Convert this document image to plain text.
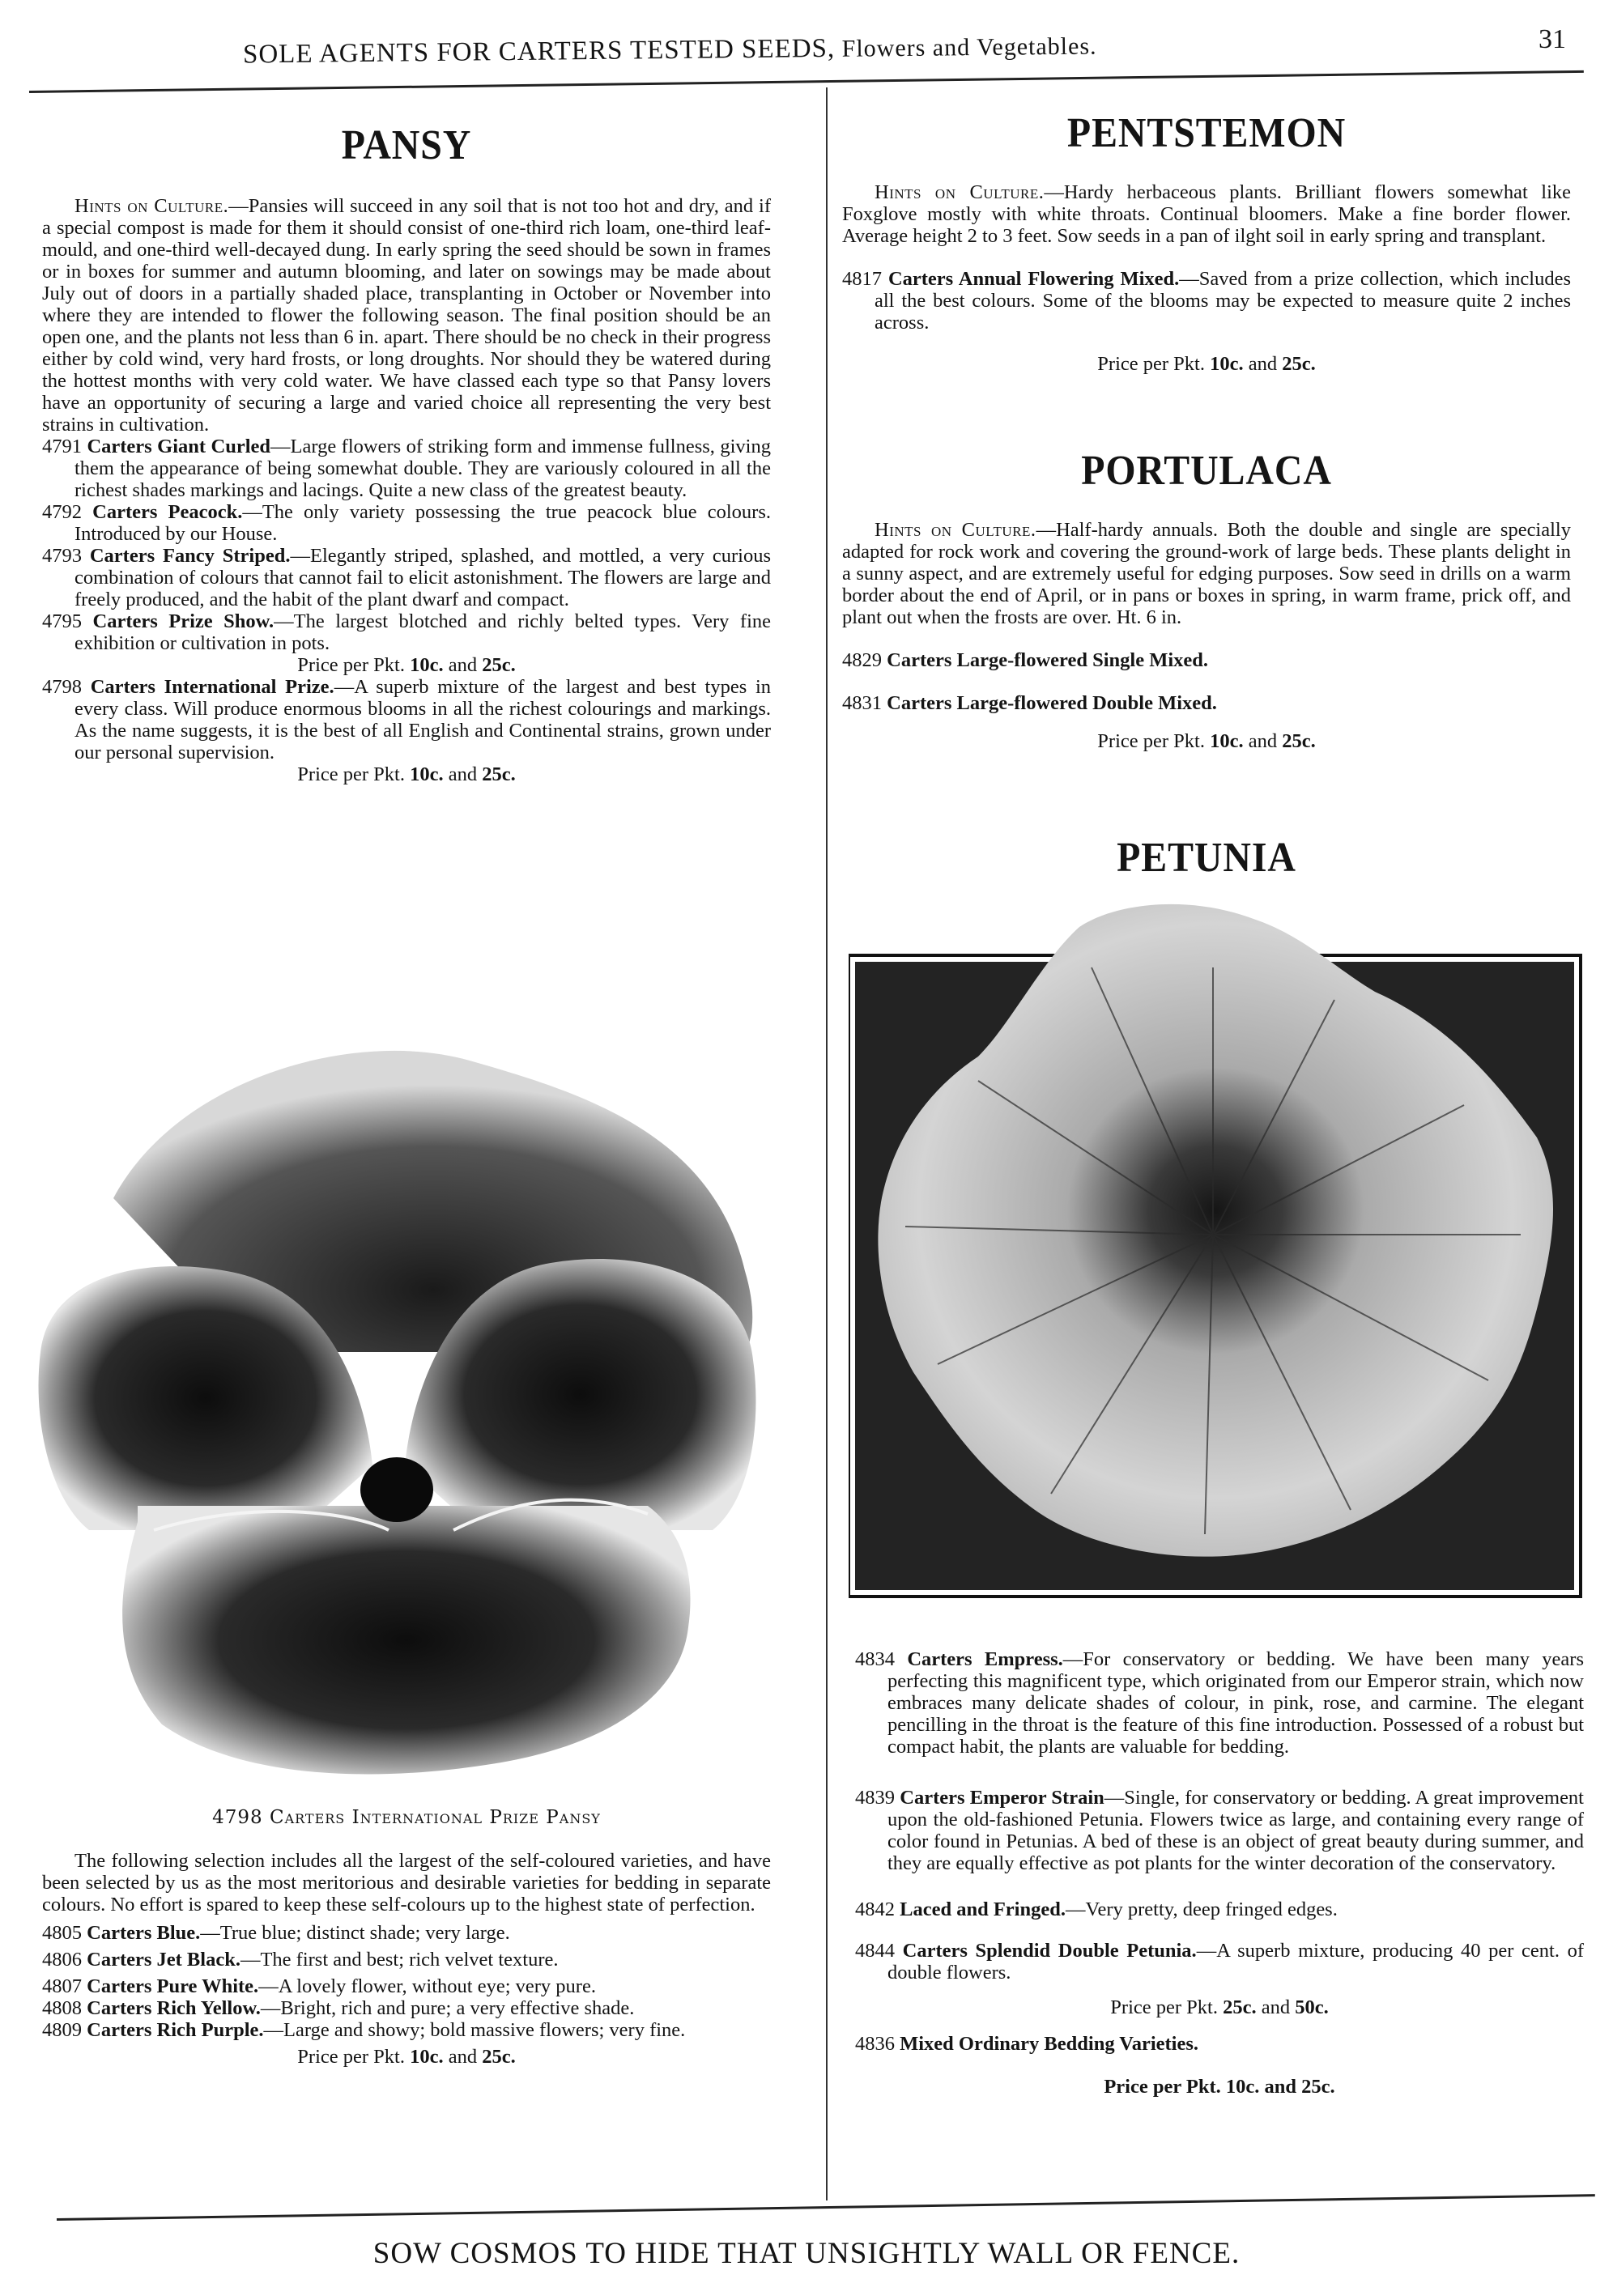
SOLE AGENTS FOR CARTERS TESTED SEEDS, Flowers and Vegetables.	31
PANSY

Hints on Culture.—Pansies will succeed in any soil that is not too hot and dry, and if a special compost is made for them it should consist of one-third rich loam, one-third leaf-mould, and one-third well-decayed dung. In early spring the seed should be sown in frames or in boxes for summer and autumn blooming, and later on sowings may be made about July out of doors in a partially shaded place, transplanting in October or November into where they are intended to flower the following season. The final position should be an open one, and the plants not less than 6 in. apart. There should be no check in their progress either by cold wind, very hard frosts, or long droughts. Nor should they be watered during the hottest months with very cold water. We have classed each type so that Pansy lovers have an opportunity of securing a large and varied choice all representing the very best strains in cultivation.

4791 Carters Giant Curled—Large flowers of striking form and immense fullness, giving them the appearance of being somewhat double. They are variously coloured in all the richest shades markings and lacings. Quite a new class of the greatest beauty.

4792 Carters Peacock.—The only variety possessing the true peacock blue colours. Introduced by our House.

4793 Carters Fancy Striped.—Elegantly striped, splashed, and mottled, a very curious combination of colours that cannot fail to elicit astonishment. The flowers are large and freely produced, and the habit of the plant dwarf and compact.

4795 Carters Prize Show.—The largest blotched and richly belted types. Very fine exhibition or cultivation in pots.

Price per Pkt. 10c. and 25c.

4798 Carters International Prize.—A superb mixture of the largest and best types in every class. Will produce enormous blooms in all the richest colourings and markings. As the name suggests, it is the best of all English and Continental strains, grown under our personal supervision.

Price per Pkt. 10c. and 25c.

4798 Carters International Prize Pansy

The following selection includes all the largest of the self-coloured varieties, and have been selected by us as the most meritorious and desirable varieties for bedding in separate colours. No effort is spared to keep these self-colours up to the highest state of perfection.

4805 Carters Blue.—True blue; distinct shade; very large.

4806 Carters Jet Black.—The first and best; rich velvet texture.

4807 Carters Pure White.—A lovely flower, without eye; very pure.

4808 Carters Rich Yellow.—Bright, rich and pure; a very effective shade.

4809 Carters Rich Purple.—Large and showy; bold massive flowers; very fine.

Price per Pkt. 10c. and 25c.

PENTSTEMON

Hints on Culture.—Hardy herbaceous plants. Brilliant flowers somewhat like Foxglove mostly with white throats. Continual bloomers. Make a fine border flower. Average height 2 to 3 feet. Sow seeds in a pan of ilght soil in early spring and transplant.

4817 Carters Annual Flowering Mixed.—Saved from a prize collection, which includes all the best colours. Some of the blooms may be expected to measure quite 2 inches across.

Price per Pkt. 10c. and 25c.

PORTULACA

Hints on Culture.—Half-hardy annuals. Both the double and single are specially adapted for rock work and covering the ground-work of large beds. These plants delight in a sunny aspect, and are extremely useful for edging purposes. Sow seed in drills on a warm border about the end of April, or in pans or boxes in spring, in warm frame, prick off, and plant out when the frosts are over. Ht. 6 in.

4829 Carters Large-flowered Single Mixed.

4831 Carters Large-flowered Double Mixed.

Price per Pkt. 10c. and 25c.

PETUNIA

4834 Carters Empress.—For conservatory or bedding. We have been many years perfecting this magnificent type, which originated from our Emperor strain, which now embraces many delicate shades of colour, in pink, rose, and carmine. The elegant pencilling in the throat is the feature of this fine introduction. Possessed of a robust but compact habit, the plants are valuable for bedding.

4839 Carters Emperor Strain—Single, for conservatory or bedding. A great improvement upon the old-fashioned Petunia. Flowers twice as large, and containing every range of color found in Petunias. A bed of these is an object of great beauty during summer, and they are equally effective as pot plants for the winter decoration of the conservatory.

4842 Laced and Fringed.—Very pretty, deep fringed edges.

4844 Carters Splendid Double Petunia.—A superb mixture, producing 40 per cent. of double flowers.

Price per Pkt. 25c. and 50c.

4836 Mixed Ordinary Bedding Varieties.

Price per Pkt. 10c. and 25c.

SOW COSMOS TO HIDE THAT UNSIGHTLY WALL OR FENCE.
